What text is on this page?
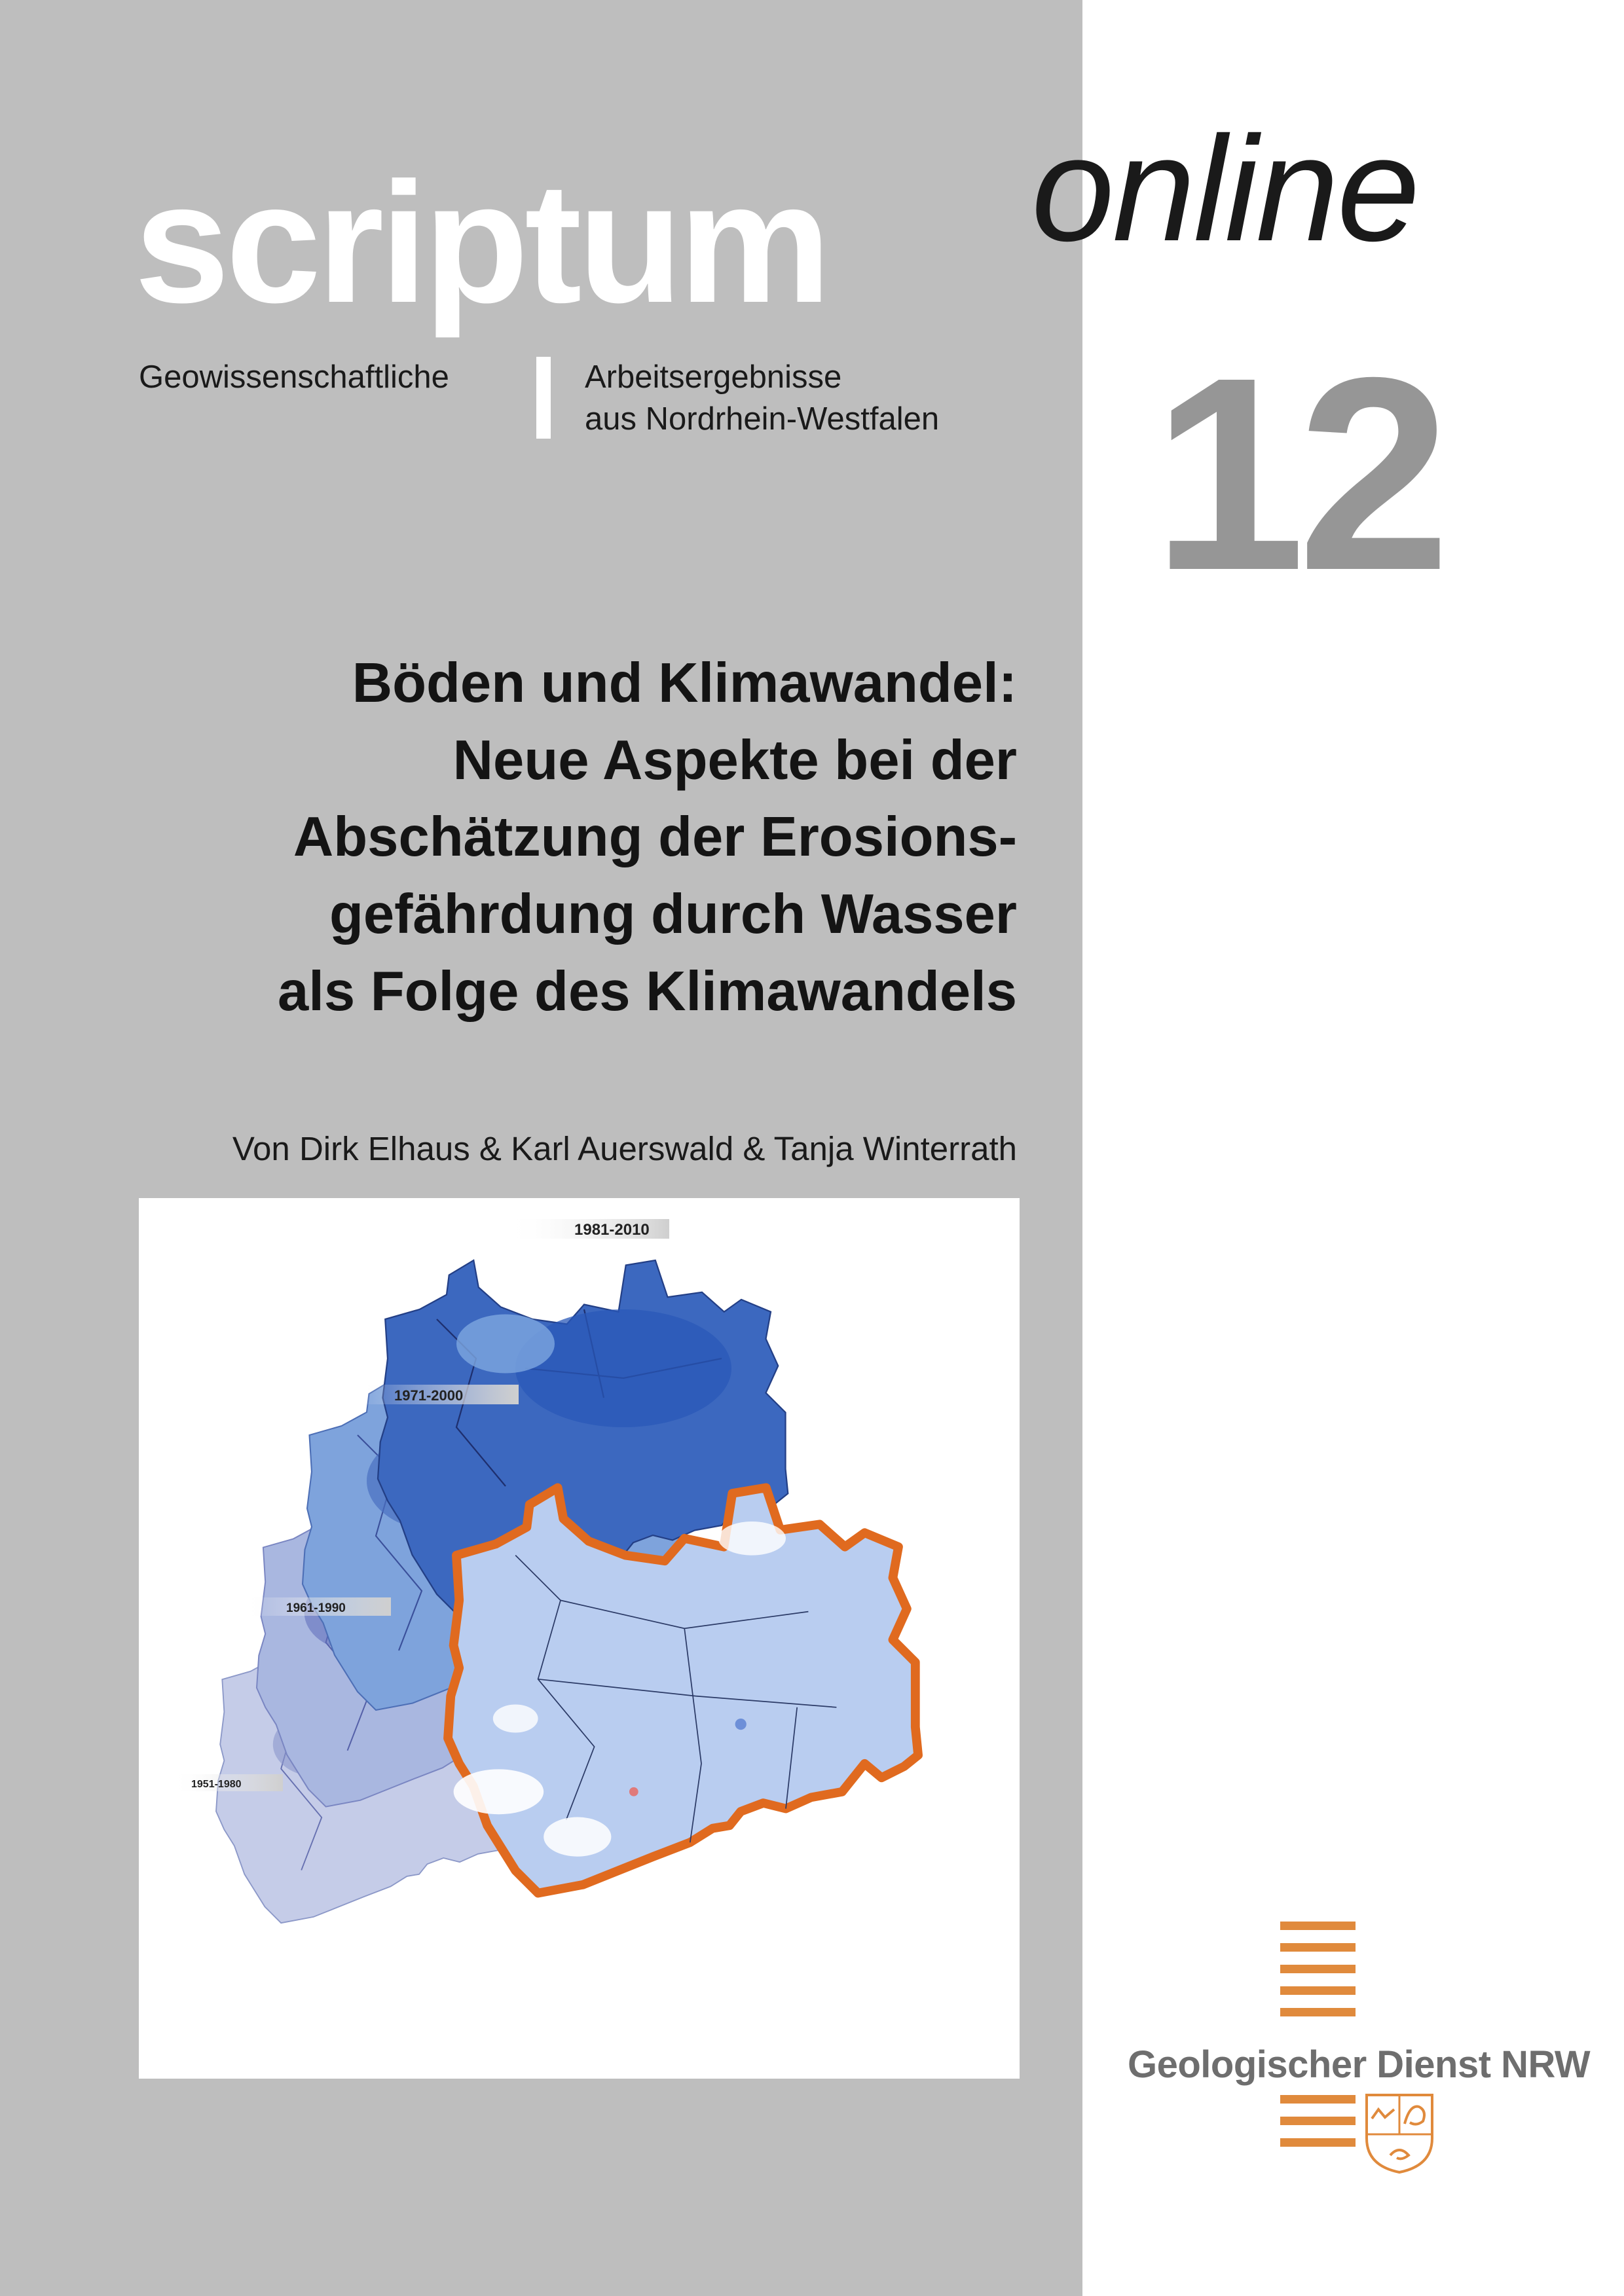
scriptum online
Geowissenschaftliche	Arbeitsergebnisse
aus Nordrhein-Westfalen 12
Böden und Klimawandel:
Neue Aspekte bei der
Abschätzung der Erosions-
gefährdung durch Wasser
als Folge des Klimawandels
Von Dirk Elhaus & Karl Auerswald & Tanja Winterrath
1981-2010
1971-2000
1961-1990
1951-1980
Geologischer Dienst NRW
